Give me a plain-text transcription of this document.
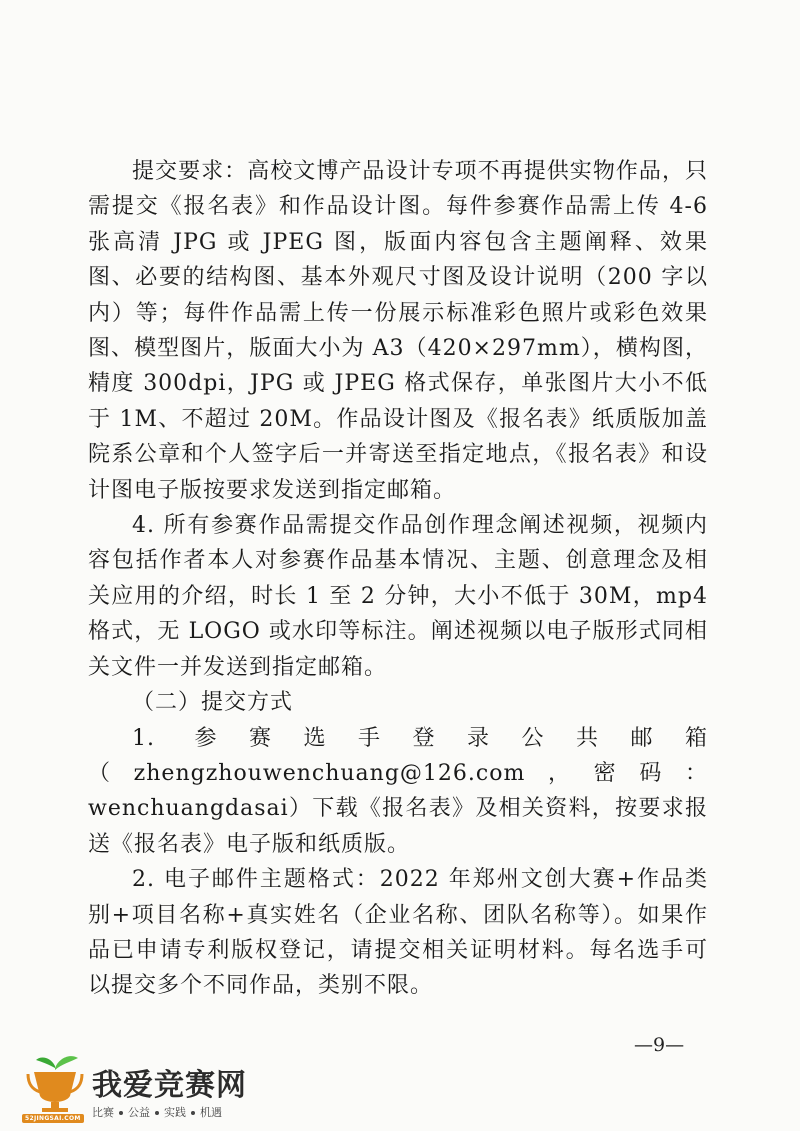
提交要求：高校文博产品设计专项不再提供实物作品，只需提交《报名表》和作品设计图。每件参赛作品需上传 4-6 张高清 JPG 或 JPEG 图，版面内容包含主题阐释、效果图、必要的结构图、基本外观尺寸图及设计说明（200 字以内）等；每件作品需上传一份展示标准彩色照片或彩色效果图、模型图片，版面大小为 A3（420×297mm），横构图，精度 300dpi，JPG 或 JPEG 格式保存，单张图片大小不低于 1M、不超过 20M。作品设计图及《报名表》纸质版加盖院系公章和个人签字后一并寄送至指定地点，《报名表》和设计图电子版按要求发送到指定邮箱。

4. 所有参赛作品需提交作品创作理念阐述视频，视频内容包括作者本人对参赛作品基本情况、主题、创意理念及相关应用的介绍，时长 1 至 2 分钟，大小不低于 30M，mp4 格式，无 LOGO 或水印等标注。阐述视频以电子版形式同相关文件一并发送到指定邮箱。

（二）提交方式

1. 参赛选手登录公共邮箱（zhengzhouwenchuang@126.com，密码：wenchuangdasai）下载《报名表》及相关资料，按要求报送《报名表》电子版和纸质版。

2. 电子邮件主题格式：2022 年郑州文创大赛+作品类别+项目名称+真实姓名（企业名称、团队名称等）。如果作品已申请专利版权登记，请提交相关证明材料。每名选手可以提交多个不同作品，类别不限。

—9—
52JINGSAI.COM
我爱竞赛网
比赛 公益 实践 机遇
